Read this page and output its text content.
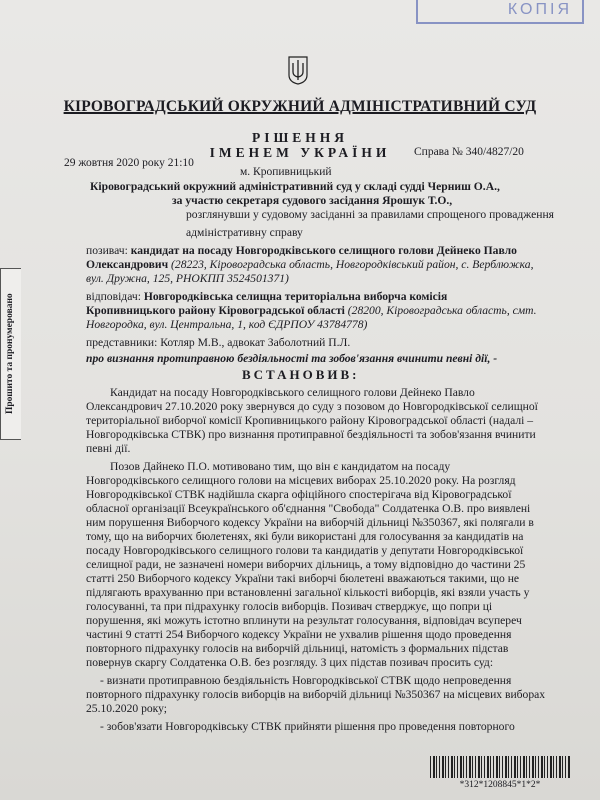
КОПІЯ
КІРОВОГРАДСЬКИЙ ОКРУЖНИЙ АДМІНІСТРАТИВНИЙ СУД
РІШЕННЯ
ІМЕНЕМ УКРАЇНИ
29 жовтня 2020 року 21:10
м. Кропивницький
Справа № 340/4827/20
Кіровоградський окружний адміністративний суд у складі судді Черниш О.А.,
за участю секретаря судового засідання Ярошук Т.О.,
розглянувши у судовому засіданні за правилами спрощеного провадження
адміністративну справу
позивач: кандидат на посаду Новгородківського селищного голови Дейнеко Павло
Олександрович (28223, Кіровоградська область, Новгородківський район, с. Верблюжка,
вул. Дружна, 125, РНОКПП 3524501371)
відповідач: Новгородківська селищна територіальна виборча комісія
Кропивницького району Кіровоградської області (28200, Кіровоградська область, смт.
Новгородка, вул. Центральна, 1, код ЄДРПОУ 43784778)
представники: Котляр М.В., адвокат Заболотний П.Л.
про визнання протиправною бездіяльності та зобов'язання вчинити певні дії, -
ВСТАНОВИВ:
Кандидат на посаду Новгородківського селищного голови Дейнеко Павло
Олександрович 27.10.2020 року звернувся до суду з позовом до Новгородківської селищної
територіальної виборчої комісії Кропивницького району Кіровоградської області (надалі –
Новгородківська СТВК) про визнання протиправної бездіяльності та зобов'язання вчинити
певні дії.
Позов Дайнеко П.О. мотивовано тим, що він є кандидатом на посаду
Новгородківського селищного голови на місцевих виборах 25.10.2020 року. На розгляд
Новгородківської СТВК надійшла скарга офіційного спостерігача від Кіровоградської
обласної організації Всеукраїнського об'єднання "Свобода" Солдатенка О.В. про виявлені
ним порушення Виборчого кодексу України на виборчій дільниці №350367, які полягали в
тому, що на виборчих бюлетенях, які були використані для голосування за кандидатів на
посаду Новгородківського селищного голови та кандидатів у депутати Новгородківської
селищної ради, не зазначені номери виборчих дільниць, а тому відповідно до частини 25
статті 250 Виборчого кодексу України такі виборчі бюлетені вважаються такими, що не
підлягають врахуванню при встановленні загальної кількості виборців, які взяли участь у
голосуванні, та при підрахунку голосів виборців. Позивач стверджує, що попри ці
порушення, які можуть істотно вплинути на результат голосування, відповідач всупереч
частині 9 статті 254 Виборчого кодексу України не ухвалив рішення щодо проведення
повторного підрахунку голосів на виборчій дільниці, натомість з формальних підстав
повернув скаргу Солдатенка О.В. без розгляду. З цих підстав позивач просить суд:
- визнати протиправною бездіяльність Новгородківської СТВК щодо непроведення
повторного підрахунку голосів виборців на виборчій дільниці №350367 на місцевих виборах
25.10.2020 року;
- зобов'язати Новгородківську СТВК прийняти рішення про проведення повторного
Прошито та пронумеровано
*312*1208845*1*2*
